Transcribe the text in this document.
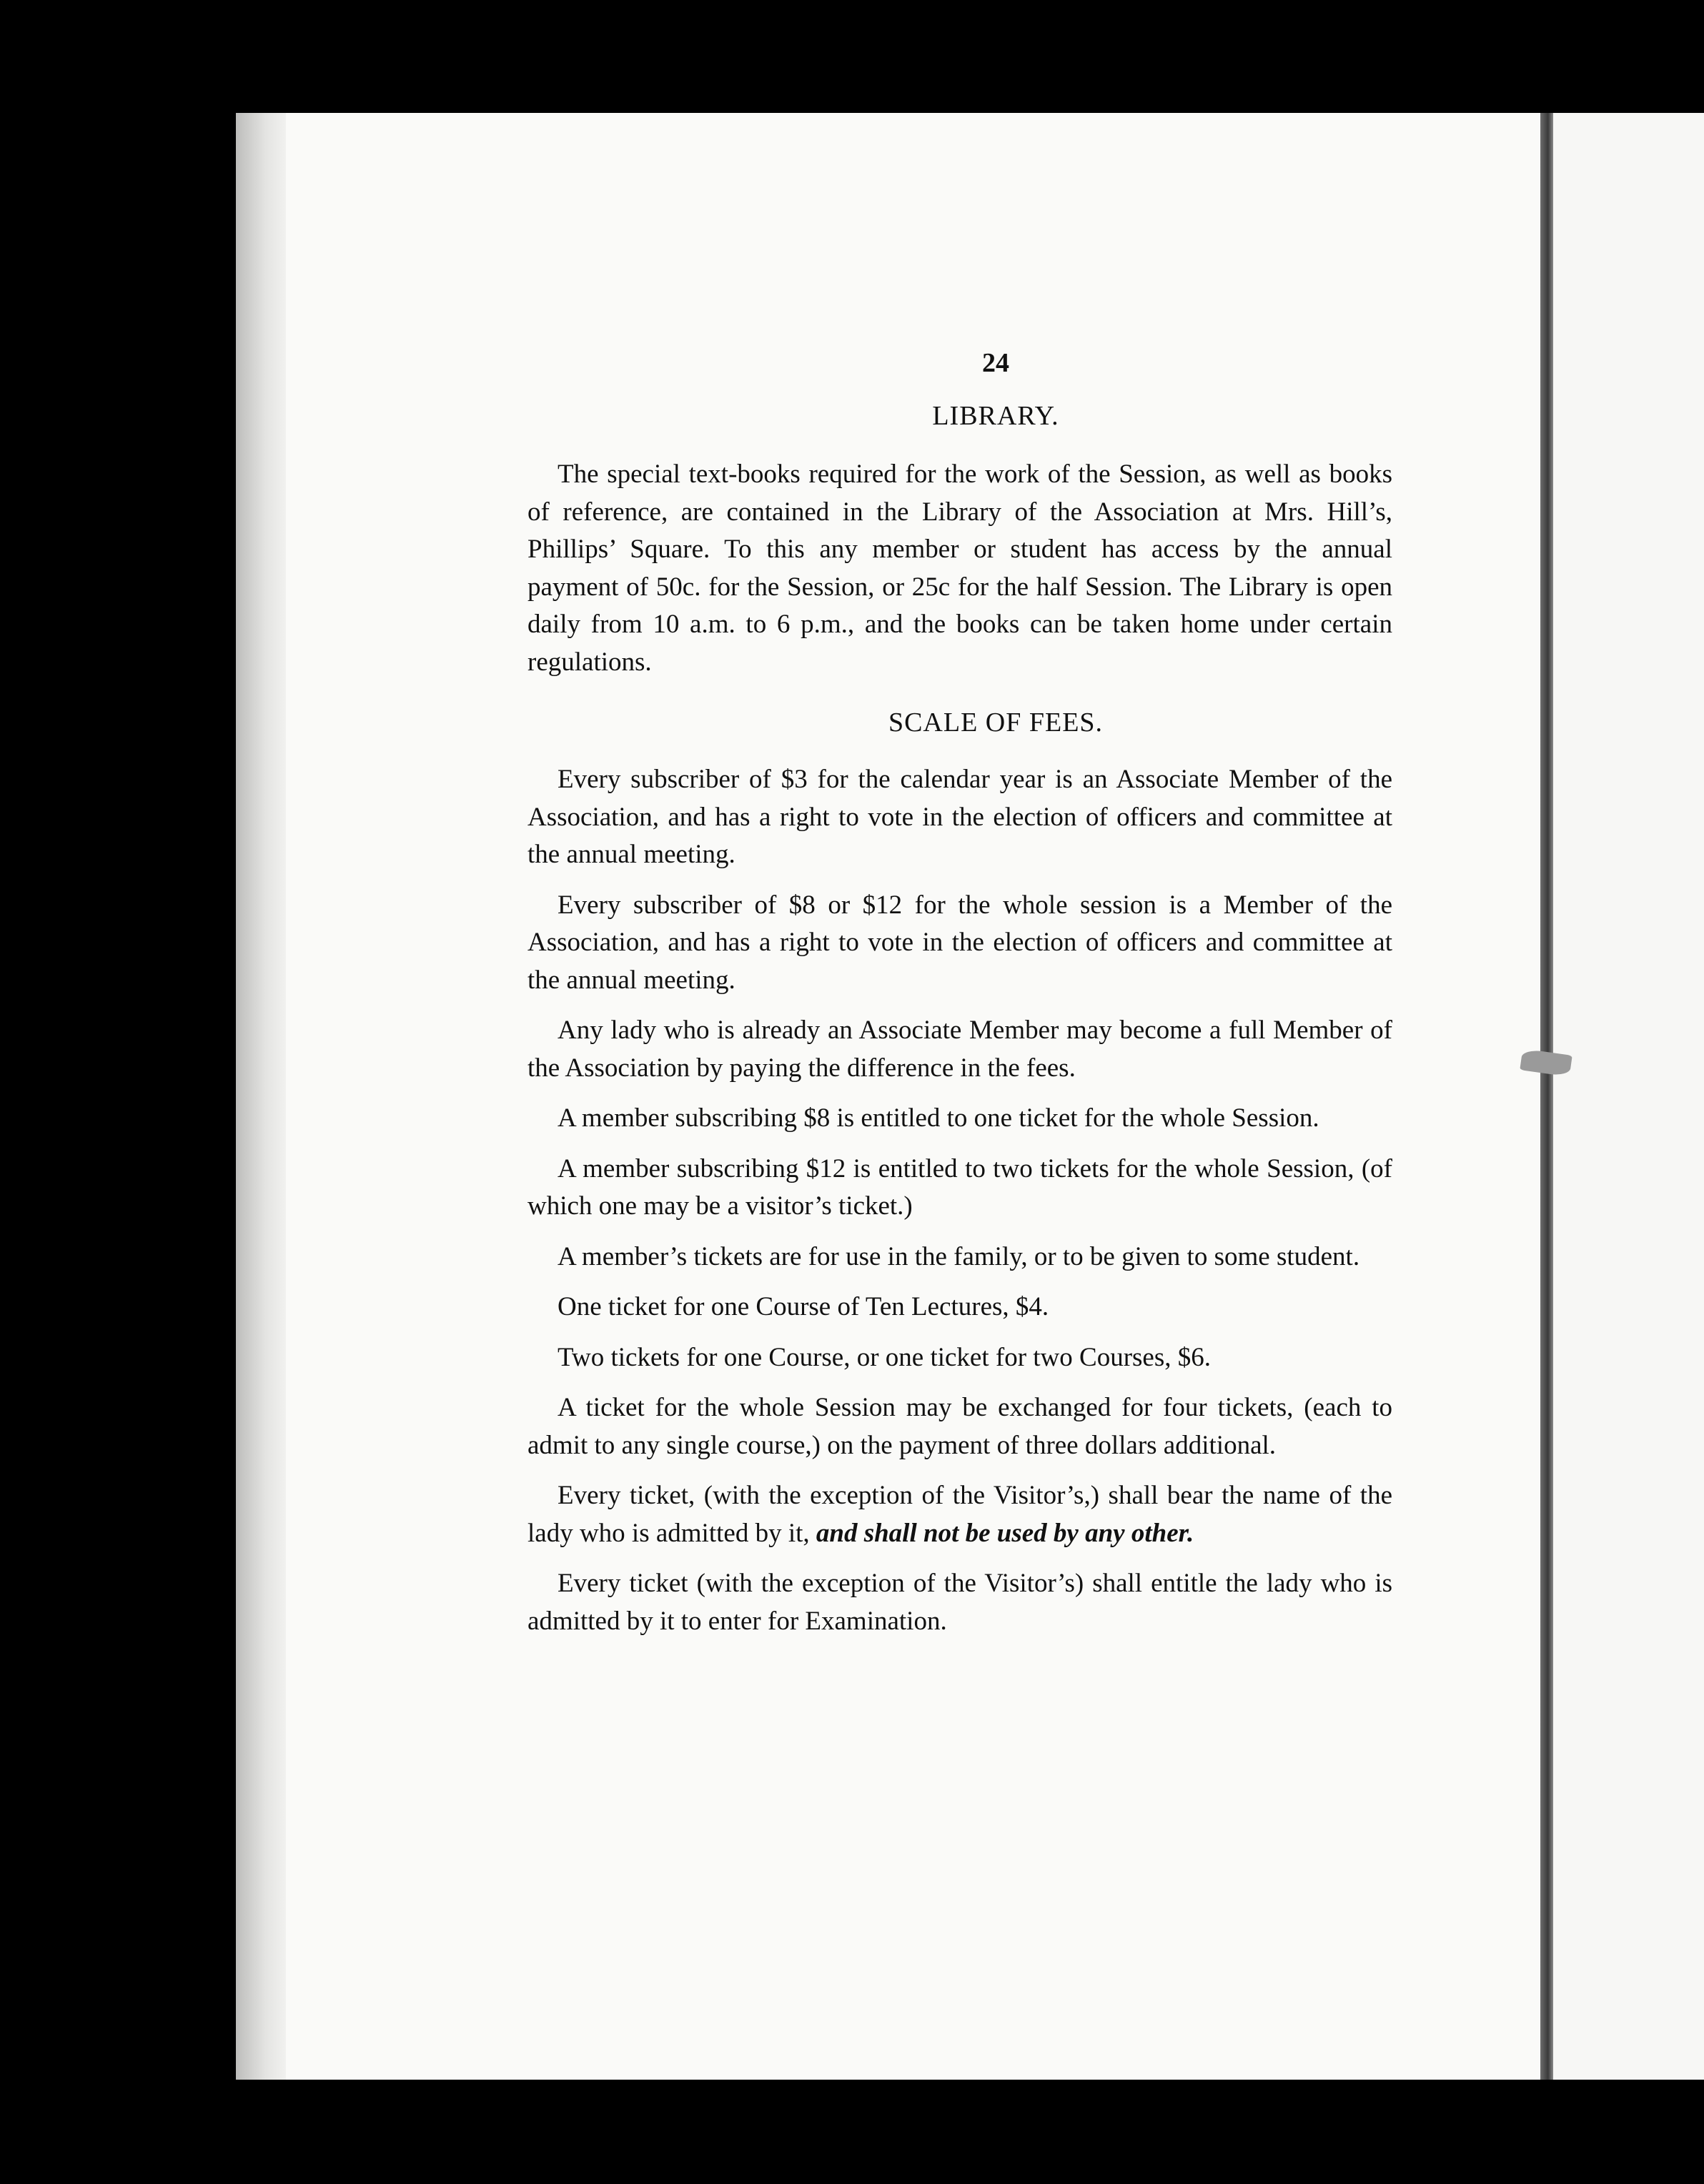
24
LIBRARY.

The special text-books required for the work of the Session, as well as books of reference, are contained in the Library of the Association at Mrs. Hill’s, Phillips’ Square. To this any member or student has access by the annual payment of 50c. for the Session, or 25c for the half Session. The Library is open daily from 10 a.m. to 6 p.m., and the books can be taken home under certain regulations.

SCALE OF FEES.

Every subscriber of $3 for the calendar year is an Associate Member of the Association, and has a right to vote in the election of officers and committee at the annual meeting.

Every subscriber of $8 or $12 for the whole session is a Member of the Association, and has a right to vote in the election of officers and committee at the annual meeting.

Any lady who is already an Associate Member may become a full Member of the Association by paying the difference in the fees.

A member subscribing $8 is entitled to one ticket for the whole Session.

A member subscribing $12 is entitled to two tickets for the whole Session, (of which one may be a visitor’s ticket.)

A member’s tickets are for use in the family, or to be given to some student.

One ticket for one Course of Ten Lectures, $4.

Two tickets for one Course, or one ticket for two Courses, $6.

A ticket for the whole Session may be exchanged for four tickets, (each to admit to any single course,) on the payment of three dollars additional.

Every ticket, (with the exception of the Visitor’s,) shall bear the name of the lady who is admitted by it, and shall not be used by any other.

Every ticket (with the exception of the Visitor’s) shall entitle the lady who is admitted by it to enter for Examination.
